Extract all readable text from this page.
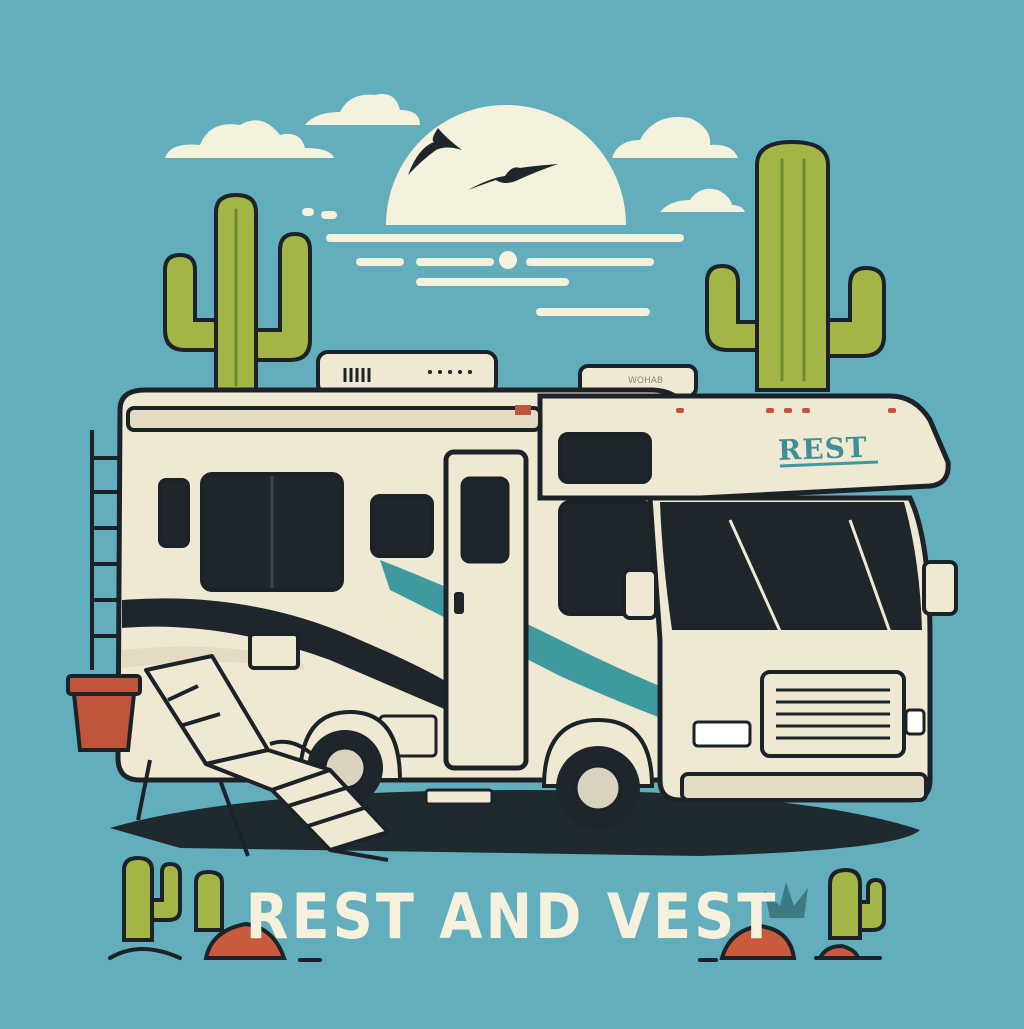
WOHAB
REST
REST AND VEST
